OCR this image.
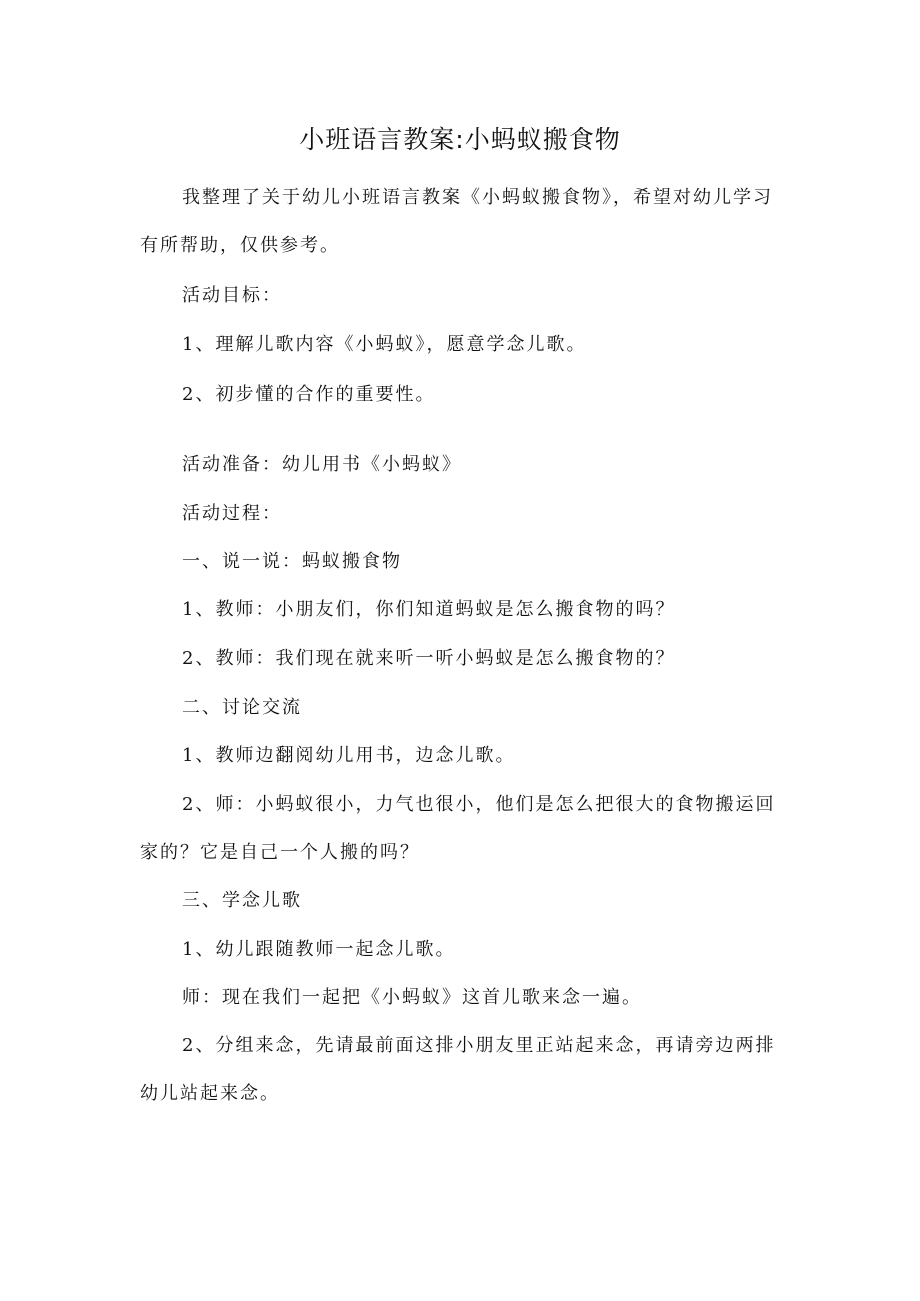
小班语言教案:小蚂蚁搬食物
我整理了关于幼儿小班语言教案《小蚂蚁搬食物》，希望对幼儿学习有所帮助，仅供参考。
活动目标：
1、理解儿歌内容《小蚂蚁》，愿意学念儿歌。
2、初步懂的合作的重要性。
活动准备：幼儿用书《小蚂蚁》
活动过程：
一、说一说：蚂蚁搬食物
1、教师：小朋友们，你们知道蚂蚁是怎么搬食物的吗？
2、教师：我们现在就来听一听小蚂蚁是怎么搬食物的？
二、讨论交流
1、教师边翻阅幼儿用书，边念儿歌。
2、师：小蚂蚁很小，力气也很小，他们是怎么把很大的食物搬运回家的？它是自己一个人搬的吗？
三、学念儿歌
1、幼儿跟随教师一起念儿歌。
师：现在我们一起把《小蚂蚁》这首儿歌来念一遍。
2、分组来念，先请最前面这排小朋友里正站起来念，再请旁边两排幼儿站起来念。
